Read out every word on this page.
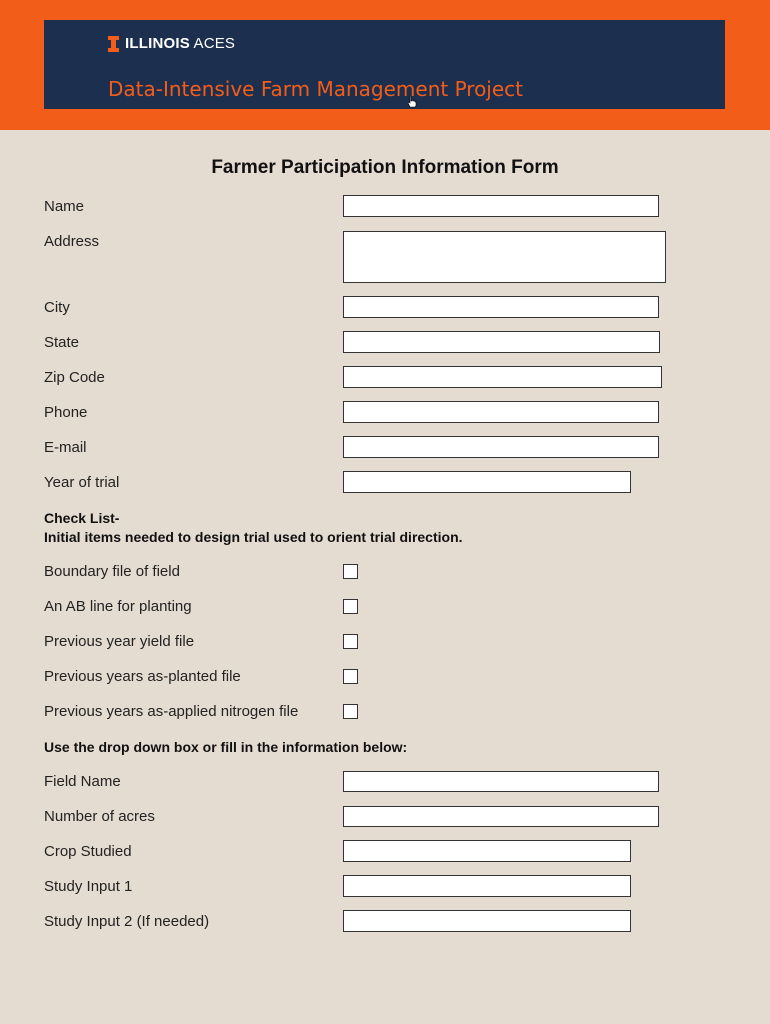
ILLINOIS ACES
Data-Intensive Farm Management Project
Farmer Participation Information Form
Name
Address
City
State
Zip Code
Phone
E-mail
Year of trial
Check List-
Initial items needed to design trial used to orient trial direction.
Boundary file of field
An AB line for planting
Previous year yield file
Previous years as-planted file
Previous years as-applied nitrogen file
Use the drop down box or fill in the information below:
Field Name
Number of acres
Crop Studied
Study Input 1
Study Input 2 (If needed)
